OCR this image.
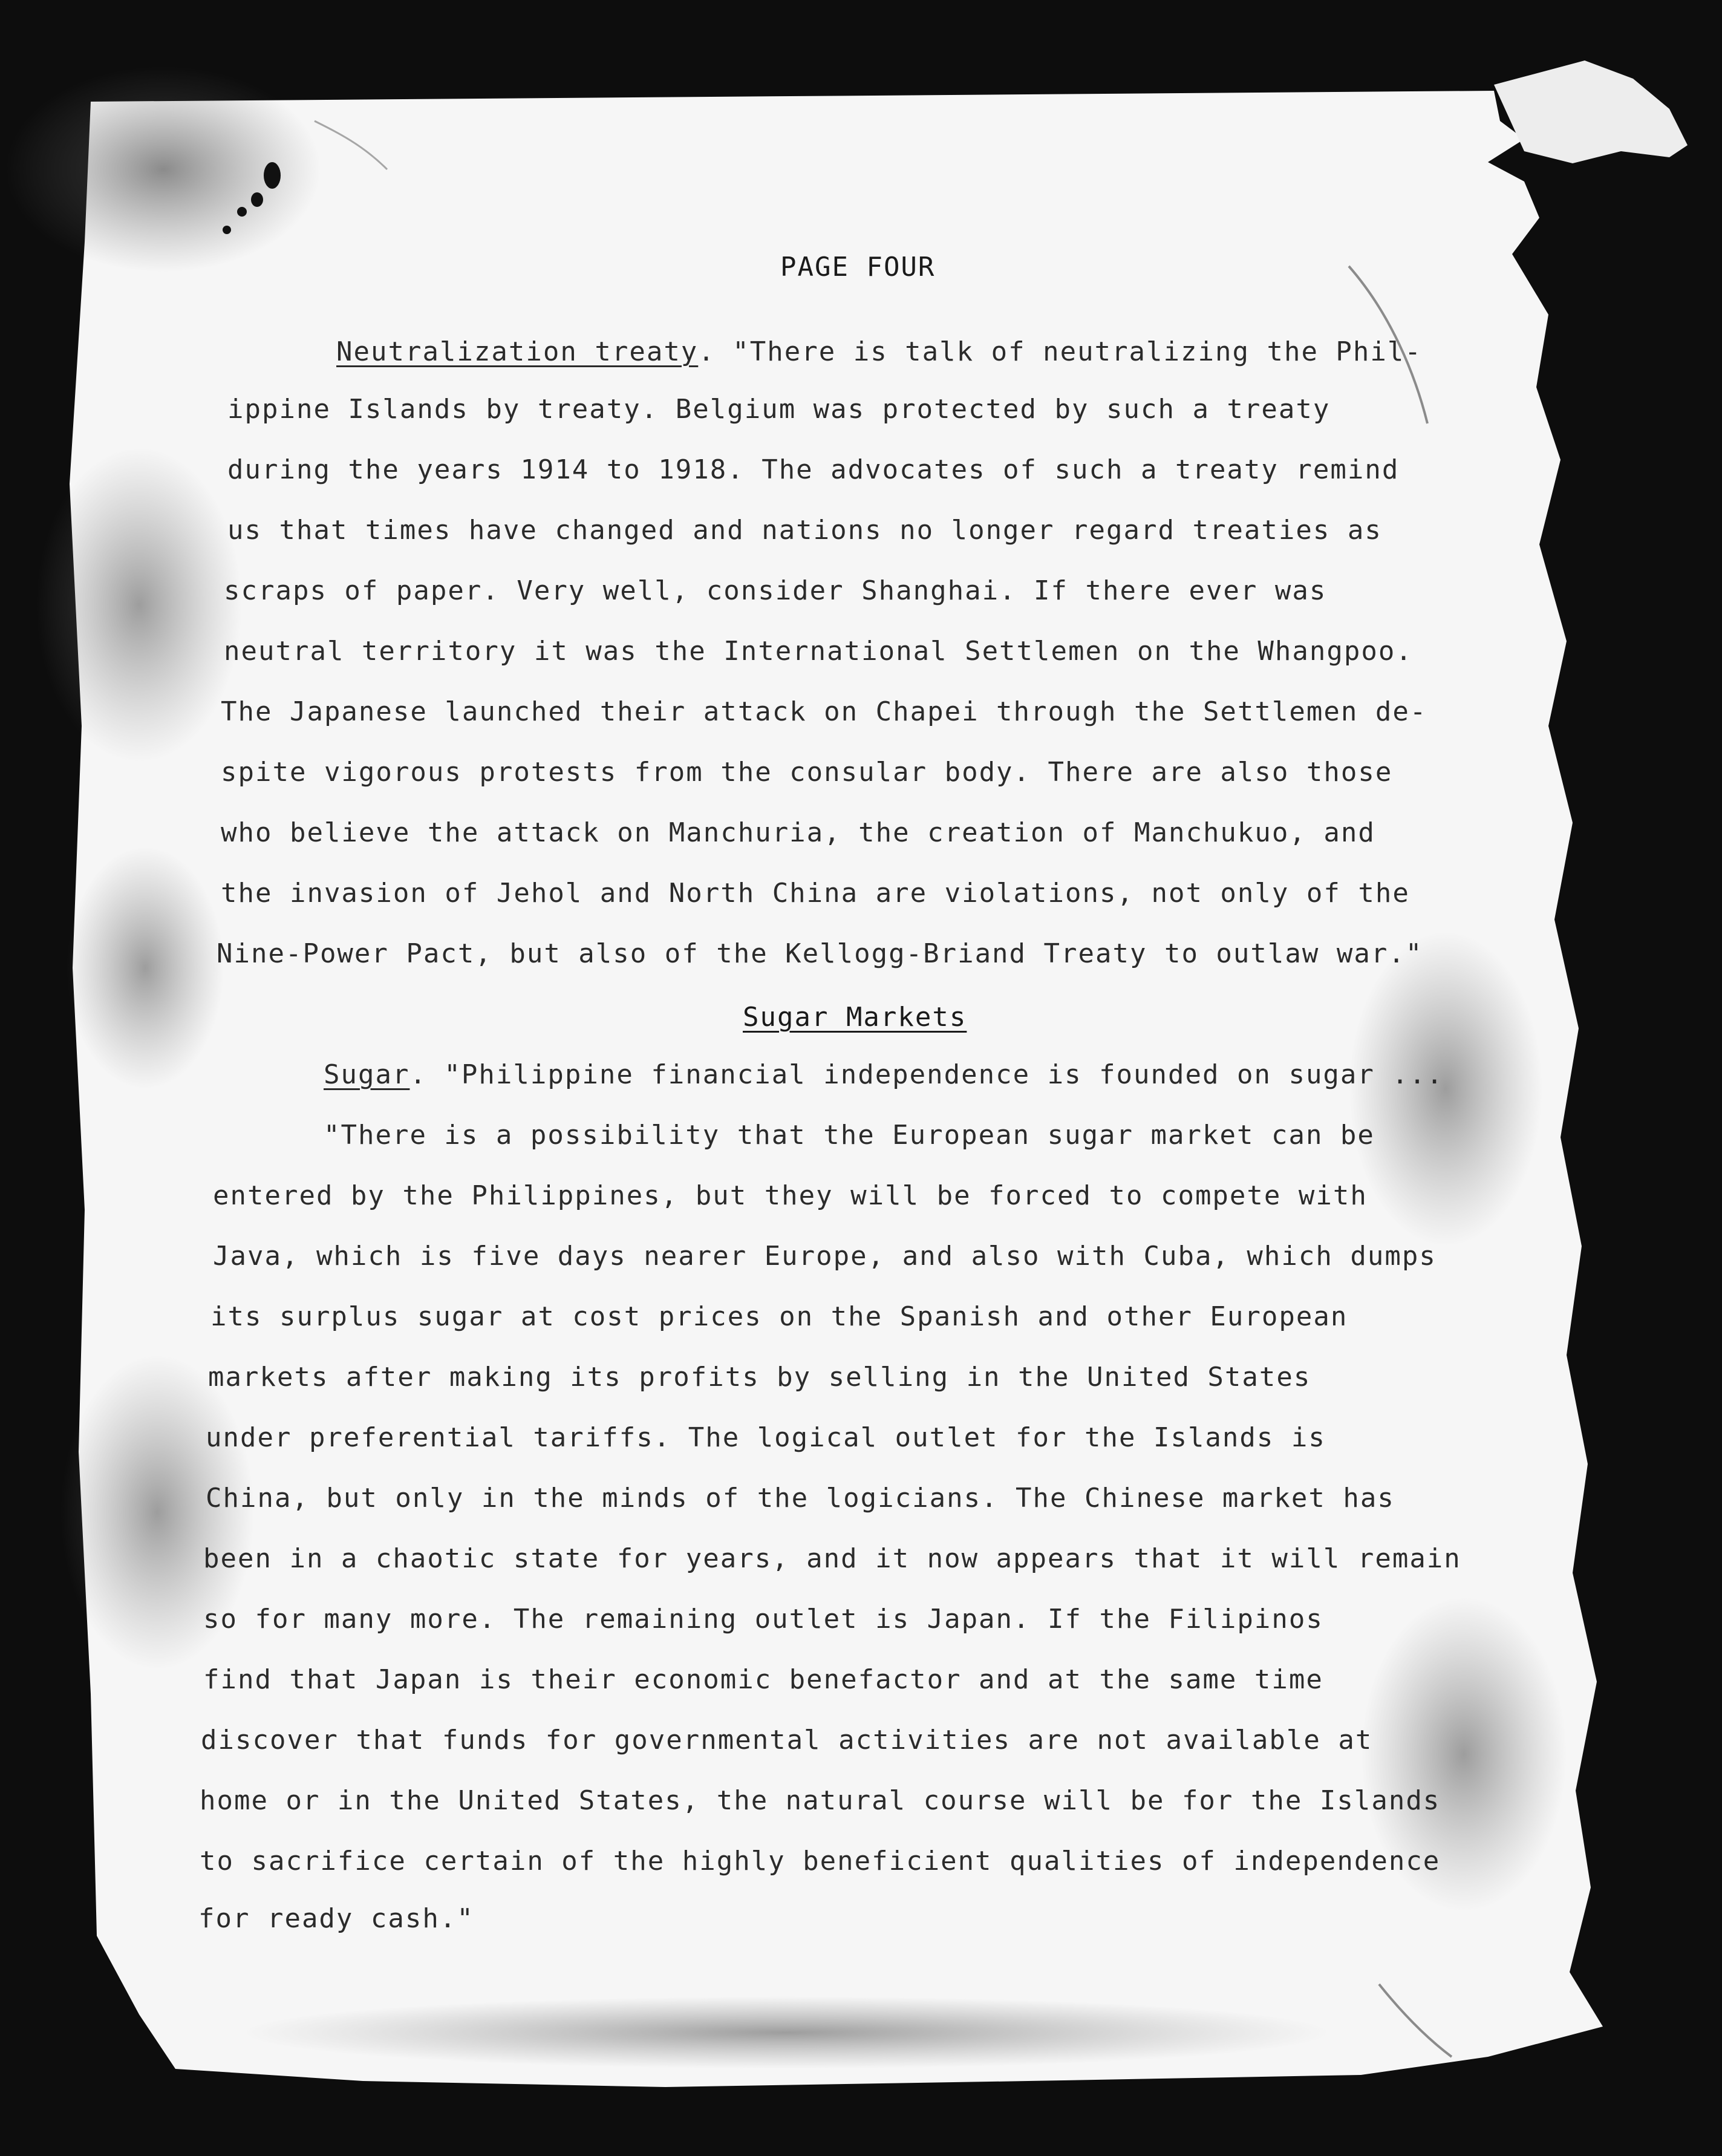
PAGE FOUR
Neutralization treaty. "There is talk of neutralizing the Phil-
ippine Islands by treaty. Belgium was protected by such a treaty
during the years 1914 to 1918. The advocates of such a treaty remind
us that times have changed and nations no longer regard treaties as
scraps of paper. Very well, consider Shanghai. If there ever was
neutral territory it was the International Settlemen on the Whangpoo.
The Japanese launched their attack on Chapei through the Settlemen de-
spite vigorous protests from the consular body. There are also those
who believe the attack on Manchuria, the creation of Manchukuo, and
the invasion of Jehol and North China are violations, not only of the
Nine-Power Pact, but also of the Kellogg-Briand Treaty to outlaw war."
Sugar Markets
Sugar. "Philippine financial independence is founded on sugar ...
"There is a possibility that the European sugar market can be
entered by the Philippines, but they will be forced to compete with
Java, which is five days nearer Europe, and also with Cuba, which dumps
its surplus sugar at cost prices on the Spanish and other European
markets after making its profits by selling in the United States
under preferential tariffs. The logical outlet for the Islands is
China, but only in the minds of the logicians. The Chinese market has
been in a chaotic state for years, and it now appears that it will remain
so for many more. The remaining outlet is Japan. If the Filipinos
find that Japan is their economic benefactor and at the same time
discover that funds for governmental activities are not available at
home or in the United States, the natural course will be for the Islands
to sacrifice certain of the highly beneficient qualities of independence
for ready cash."
